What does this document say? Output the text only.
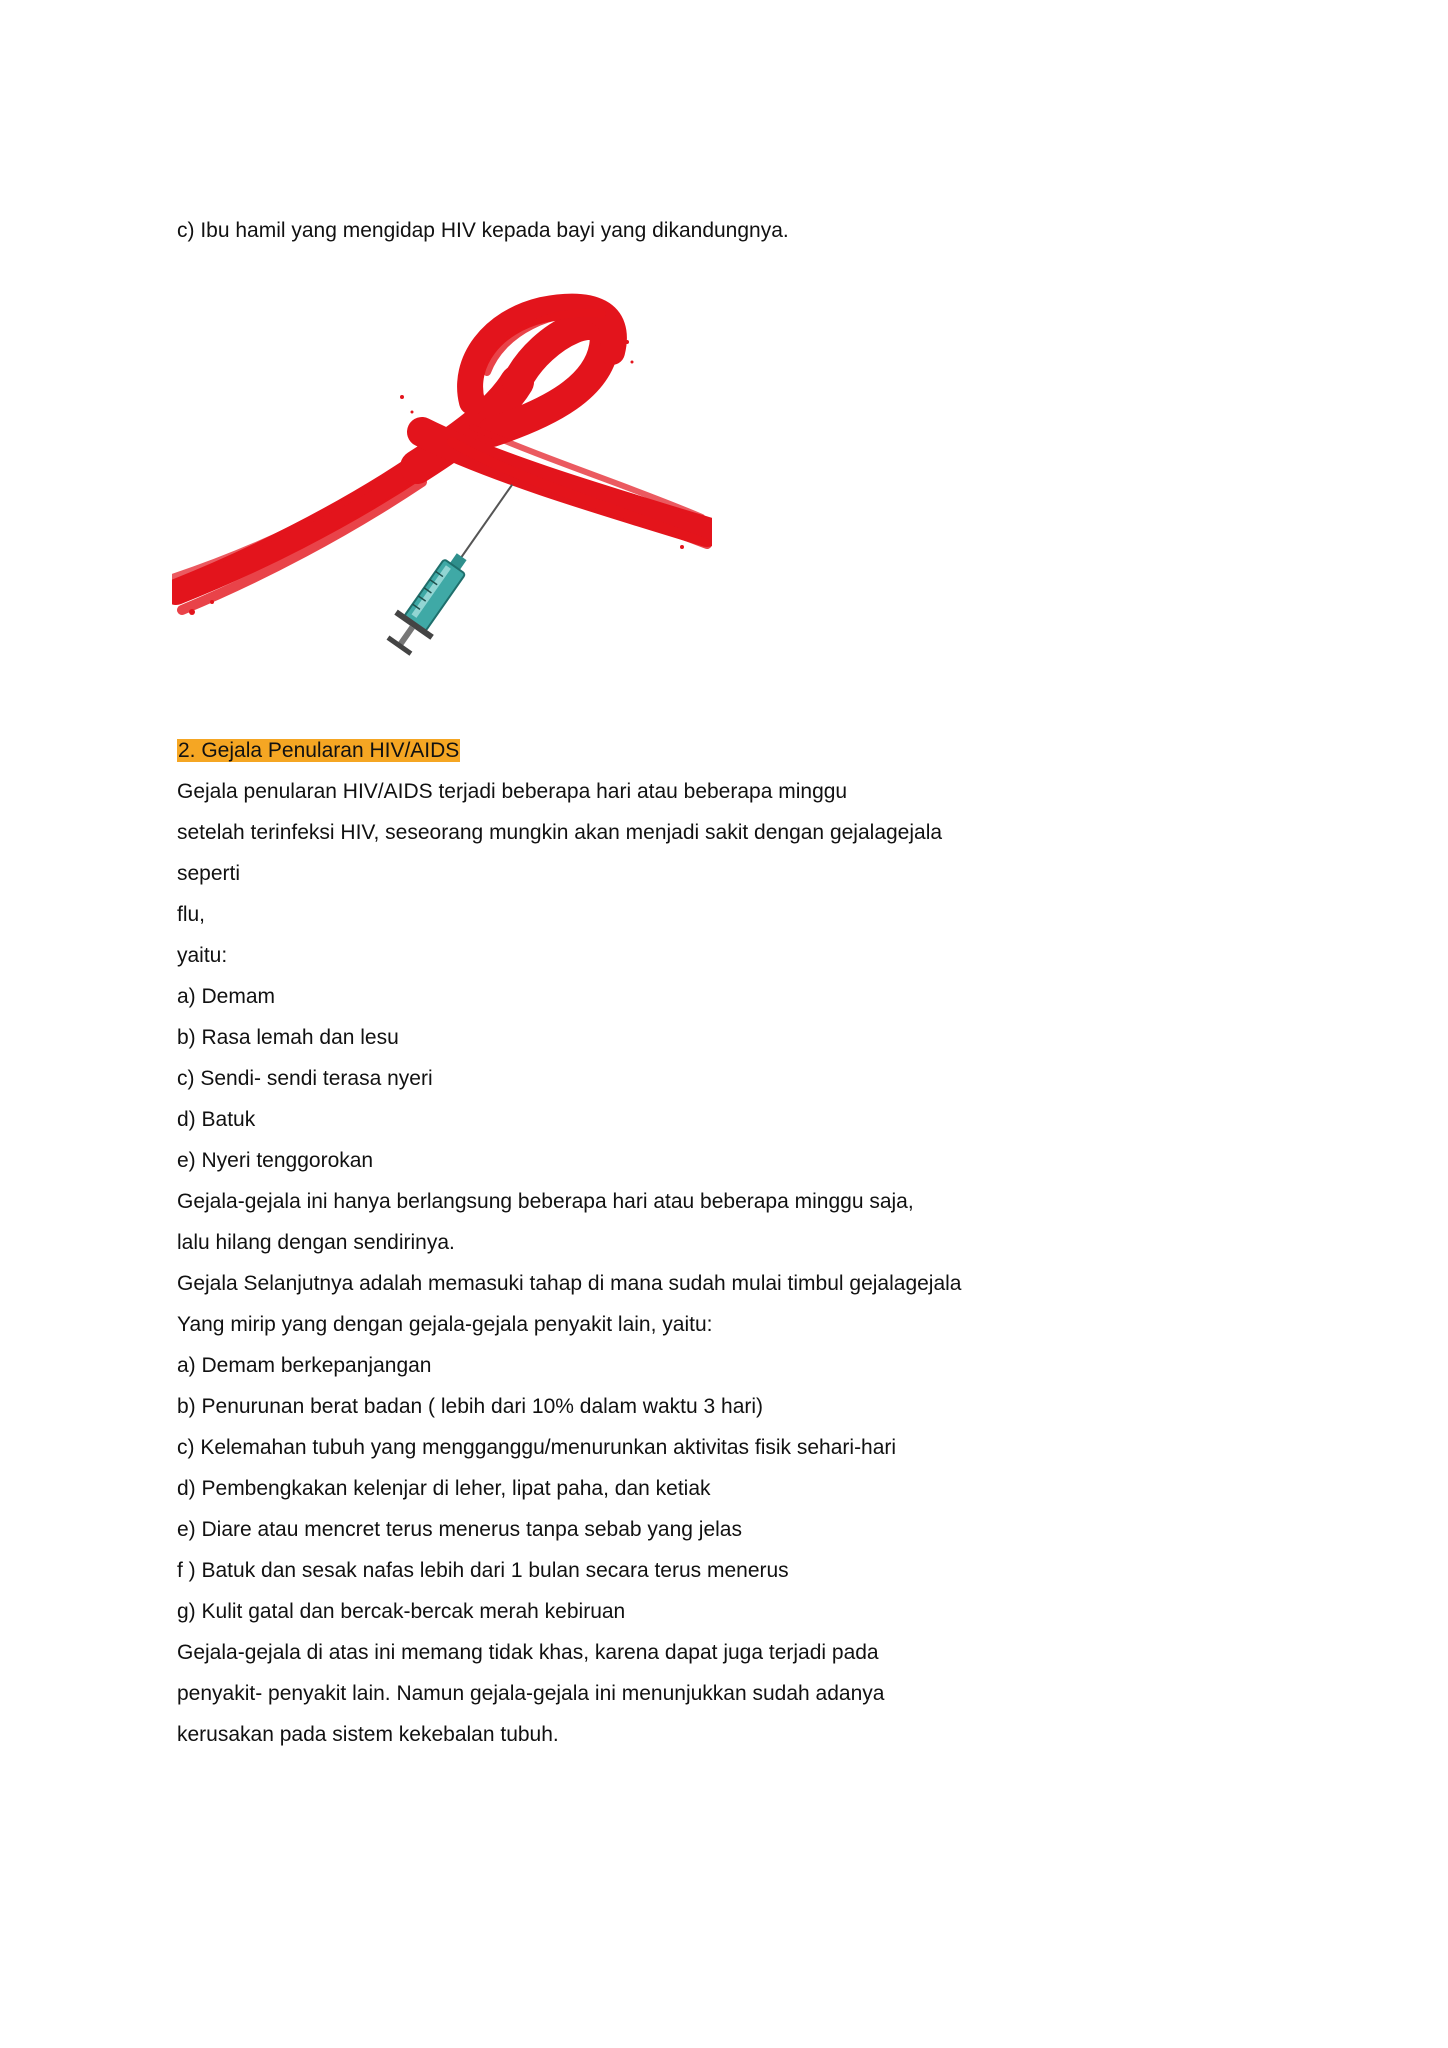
c) Ibu hamil yang mengidap HIV kepada bayi yang dikandungnya.
2. Gejala Penularan HIV/AIDS
Gejala penularan HIV/AIDS terjadi beberapa hari atau beberapa minggu
setelah terinfeksi HIV, seseorang mungkin akan menjadi sakit dengan gejalagejala
seperti
flu,
yaitu:
a) Demam
b) Rasa lemah dan lesu
c) Sendi- sendi terasa nyeri
d) Batuk
e) Nyeri tenggorokan
Gejala-gejala ini hanya berlangsung beberapa hari atau beberapa minggu saja,
lalu hilang dengan sendirinya.
Gejala Selanjutnya adalah memasuki tahap di mana sudah mulai timbul gejalagejala
Yang mirip yang dengan gejala-gejala penyakit lain, yaitu:
a) Demam berkepanjangan
b) Penurunan berat badan ( lebih dari 10% dalam waktu 3 hari)
c) Kelemahan tubuh yang mengganggu/menurunkan aktivitas fisik sehari-hari
d) Pembengkakan kelenjar di leher, lipat paha, dan ketiak
e) Diare atau mencret terus menerus tanpa sebab yang jelas
f ) Batuk dan sesak nafas lebih dari 1 bulan secara terus menerus
g) Kulit gatal dan bercak-bercak merah kebiruan
Gejala-gejala di atas ini memang tidak khas, karena dapat juga terjadi pada
penyakit- penyakit lain. Namun gejala-gejala ini menunjukkan sudah adanya
kerusakan pada sistem kekebalan tubuh.
